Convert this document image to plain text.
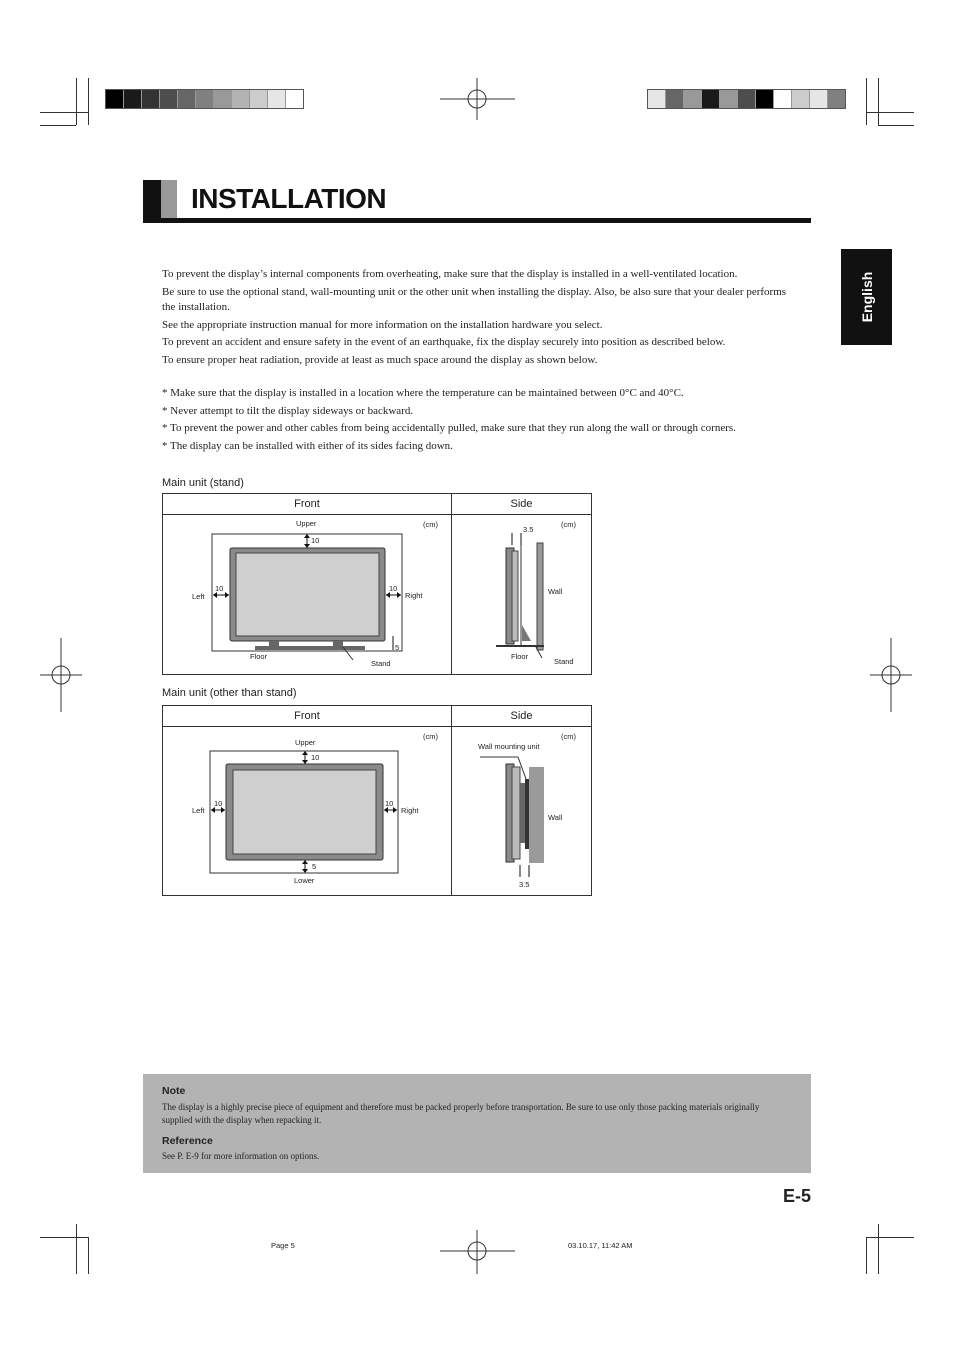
INSTALLATION
English
To prevent the display’s internal components from overheating, make sure that the display is installed in a well-ventilated location.
Be sure to use the optional stand, wall-mounting unit or the other unit when installing the display. Also, be also sure that your dealer performs the installation.
See the appropriate instruction manual for more information on the installation hardware you select.
To prevent an accident and ensure safety in the event of an earthquake, fix the display securely into position as described below.
To ensure proper heat radiation, provide at least as much space around the display as shown below.
* Make sure that the display is installed in a location where the temperature can be maintained between 0°C and 40°C.
* Never attempt to tilt the display sideways or backward.
* To prevent the power and other cables from being accidentally pulled, make sure that they run along the wall or through corners.
* The display can be installed with either of its sides facing down.
Main unit (stand)
Front	Side
(cm)
Upper
10
10
Left
10
Right
5
Floor
Stand
(cm)
3.5
Wall
Floor
Stand
Main unit (other than stand)
Front	Side
(cm)
Upper
10
10
Left
10
Right
5
Lower
(cm)
Wall mounting unit
Wall
3.5
Note
The display is a highly precise piece of equipment and therefore must be packed properly before transportation. Be sure to use only those packing materials originally supplied with the display when repacking it.
Reference
See P. E-9 for more information on options.
E-5
Page 5	03.10.17, 11:42 AM
